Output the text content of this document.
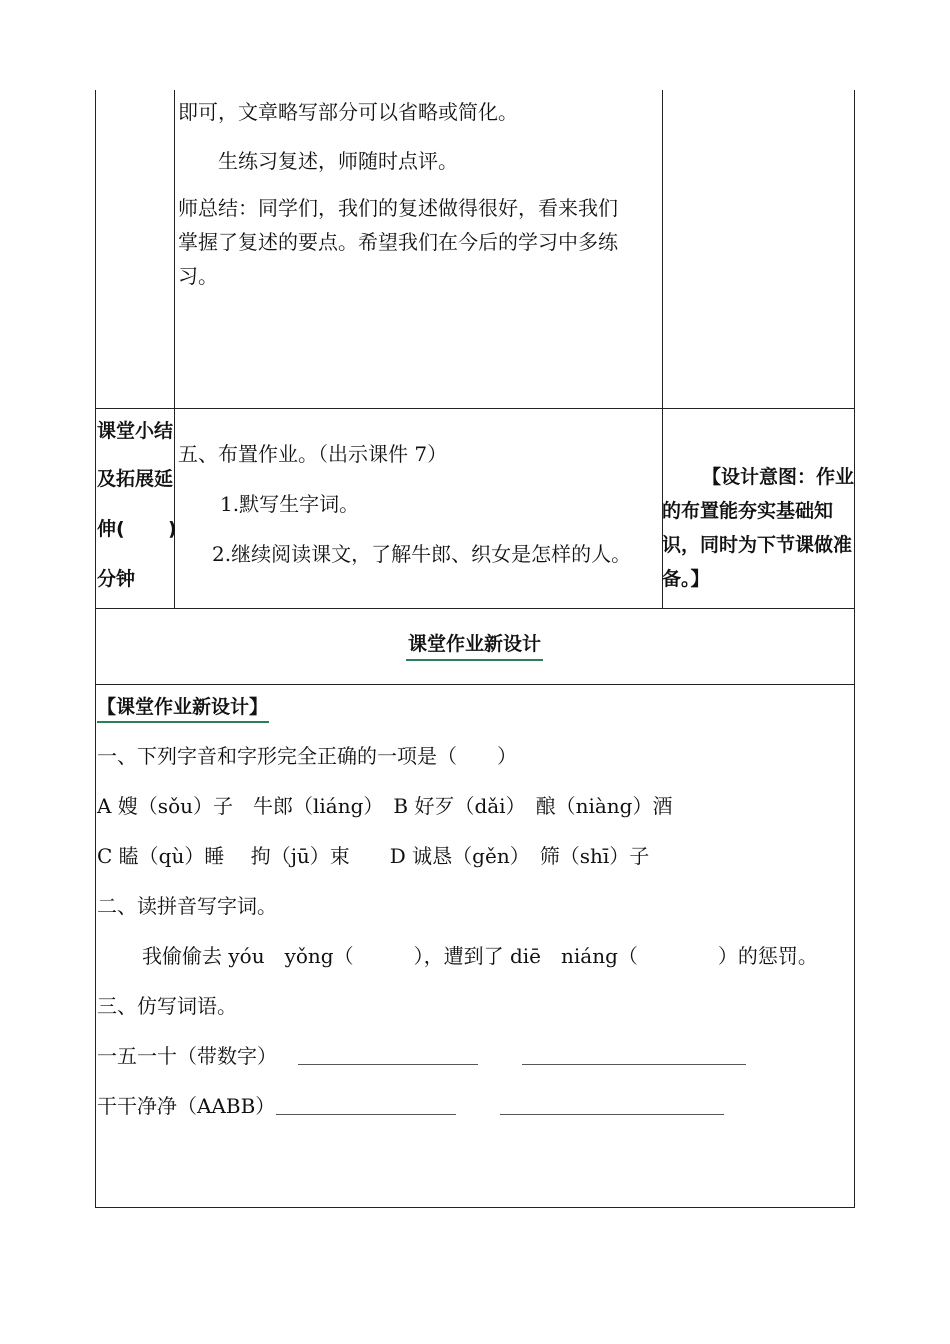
即可，文章略写部分可以省略或简化。
生练习复述，师随时点评。
师总结：同学们，我们的复述做得很好，看来我们
掌握了复述的要点。希望我们在今后的学习中多练
习。
课堂小结
及拓展延
伸( )
分钟
五、布置作业。（出示课件 7）
1.默写生字词。
2.继续阅读课文，了解牛郎、织女是怎样的人。
【设计意图：作业
的布置能夯实基础知
识，同时为下节课做准
备。】
课堂作业新设计
【课堂作业新设计】
一、下列字音和字形完全正确的一项是（　　）
A 嫂（sǒu）子　牛郎（liáng）　B 好歹（dǎi）　酿（niàng）酒
C 瞌（qù）睡　 拘（jū）束　　D 诚恳（gěn）　筛（shī）子
二、读拼音写字词。
我偷偷去 yóu　yǒng（　　　），遭到了 diē　niáng（　　　　）的惩罚。
三、仿写词语。
一五一十（带数字）
干干净净（AABB）
